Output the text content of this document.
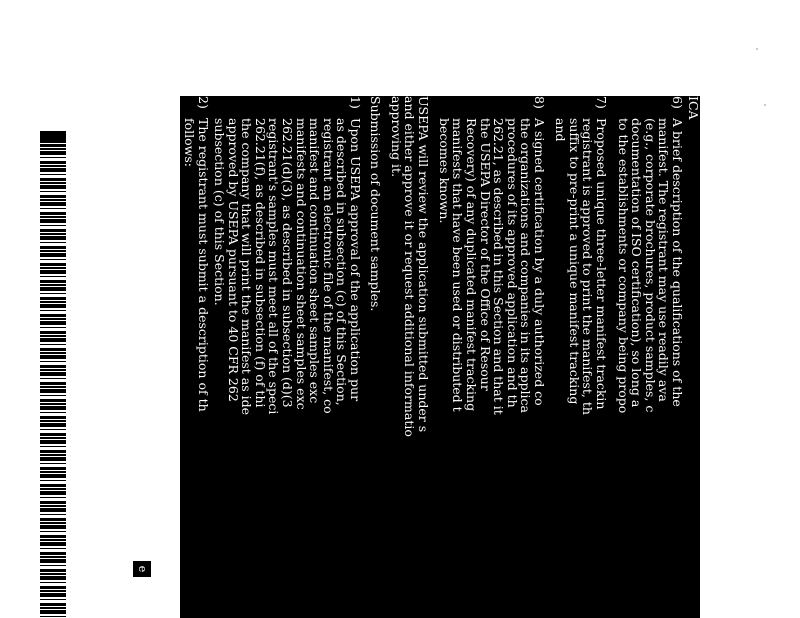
e
ICA
6)
A brief description of the qualifications of the
manifest. The registrant may use readily ava
(e.g., corporate brochures, product samples, c
documentation of ISO certification), so long a
to the establishments or company being propo
7)
Proposed unique three-letter manifest trackin
registrant is approved to print the manifest, th
suffix to pre-print a unique manifest tracking
and
8)
A signed certification by a duly authorized co
the organizations and companies in its applica
procedures of its approved application and th
262.21, as described in this Section and that it
the USEPA Director of the Office of Resour
Recovery) of any duplicated manifest tracking
manifests that have been used or distributed t
becomes known.
USEPA will review the application submitted under s
and either approve it or request additional informatio
approving it.
Submission of document samples.
1)
Upon USEPA approval of the application pur
as described in subsection (c) of this Section,
registrant an electronic file of the manifest, co
manifest and continuation sheet samples exc
manifests and continuation sheet samples exc
262.21(d)(3), as described in subsection (d)(3
registrant's samples must meet all of the speci
262.21(f), as described in subsection (f) of thi
the company that will print the manifest as ide
approved by USEPA pursuant to 40 CFR 262
subsection (c) of this Section.
2)
The registrant must submit a description of th
follows:
A)
The paper type (i.e., manufacturer and
paper);
